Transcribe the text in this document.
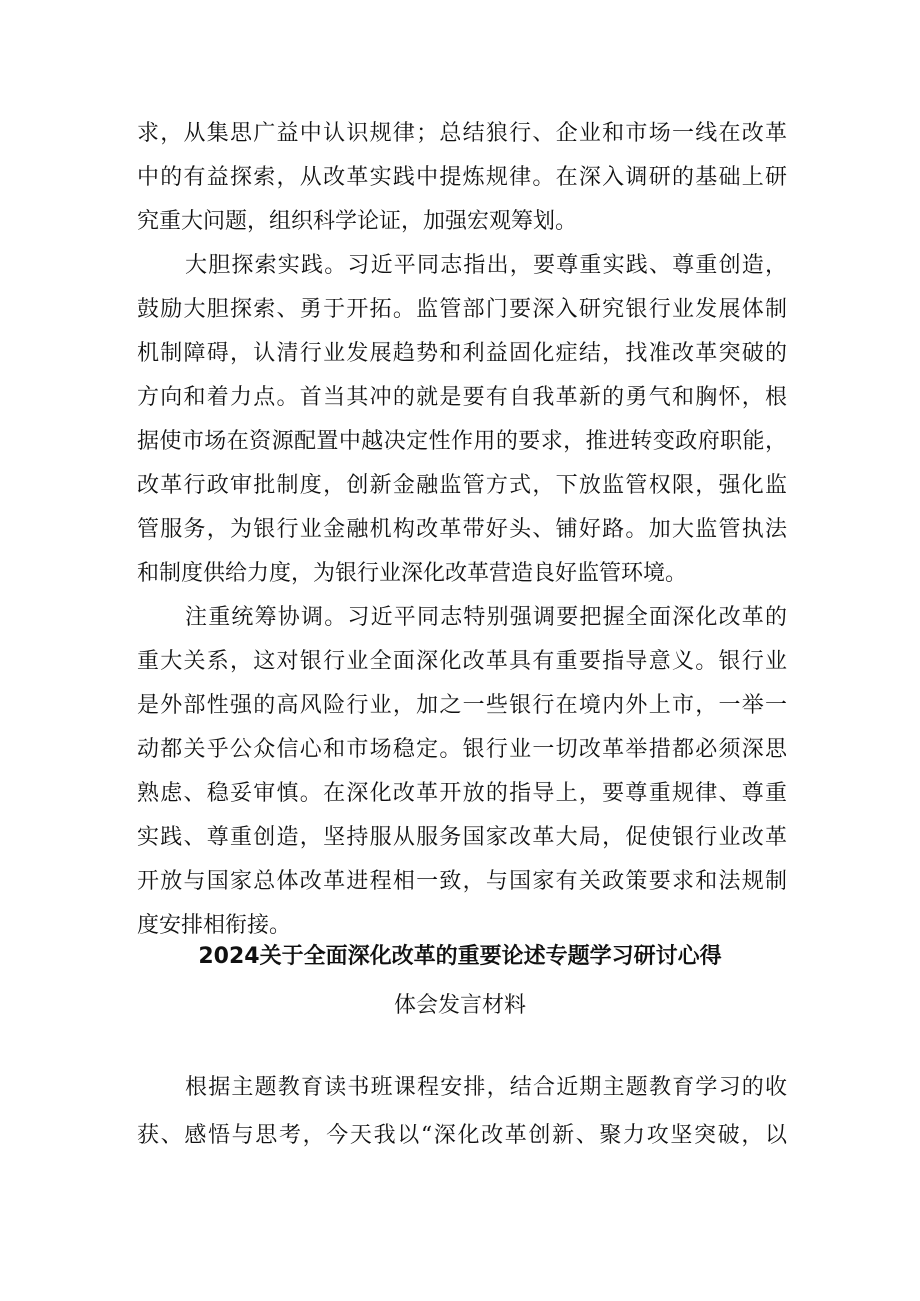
求，从集思广益中认识规律；总结狼行、企业和市场一线在改革
中的有益探索，从改革实践中提炼规律。在深入调研的基础上研
究重大问题，组织科学论证，加强宏观筹划。
大胆探索实践。习近平同志指出，要尊重实践、尊重创造，
鼓励大胆探索、勇于开拓。监管部门要深入研究银行业发展体制
机制障碍，认清行业发展趋势和利益固化症结，找准改革突破的
方向和着力点。首当其冲的就是要有自我革新的勇气和胸怀，根
据使市场在资源配置中越决定性作用的要求，推进转变政府职能，
改革行政审批制度，创新金融监管方式，下放监管权限，强化监
管服务，为银行业金融机构改革带好头、铺好路。加大监管执法
和制度供给力度，为银行业深化改革营造良好监管环境。
注重统筹协调。习近平同志特别强调要把握全面深化改革的
重大关系，这对银行业全面深化改革具有重要指导意义。银行业
是外部性强的高风险行业，加之一些银行在境内外上市，一举一
动都关乎公众信心和市场稳定。银行业一切改革举措都必须深思
熟虑、稳妥审慎。在深化改革开放的指导上，要尊重规律、尊重
实践、尊重创造，坚持服从服务国家改革大局，促使银行业改革
开放与国家总体改革进程相一致，与国家有关政策要求和法规制
度安排相衔接。
2024关于全面深化改革的重要论述专题学习研讨心得
体会发言材料
根据主题教育读书班课程安排，结合近期主题教育学习的收
获、感悟与思考，今天我以“深化改革创新、聚力攻坚突破，以
